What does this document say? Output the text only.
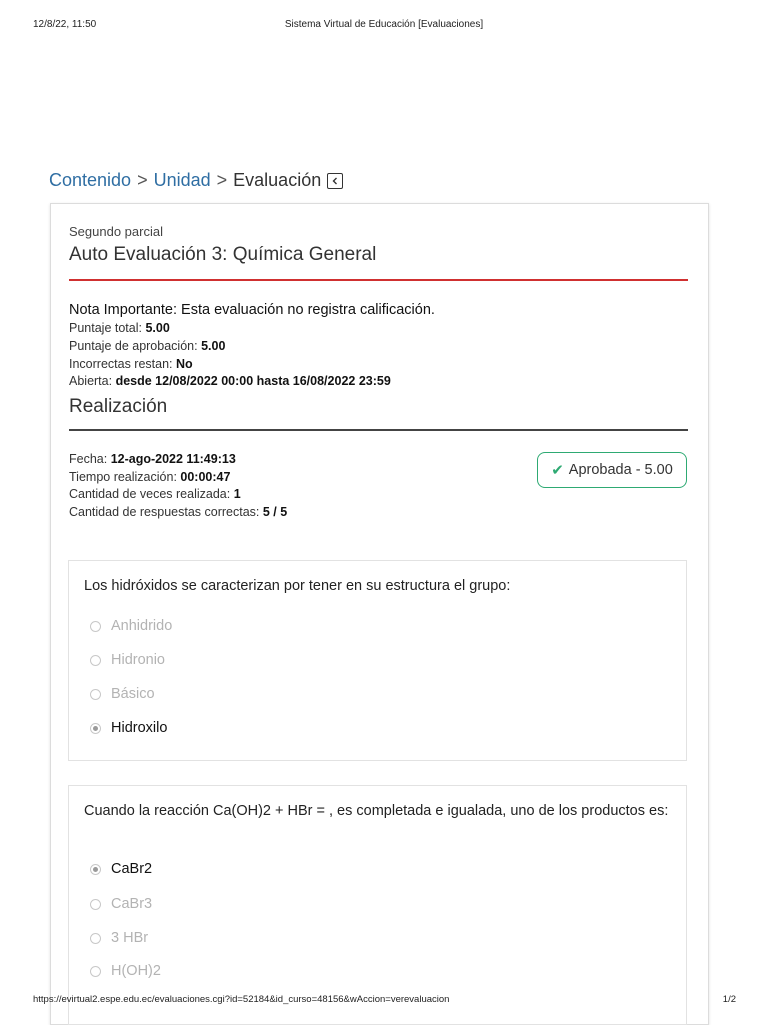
12/8/22, 11:50	Sistema Virtual de Educación [Evaluaciones]
Contenido > Unidad > Evaluación
Segundo parcial
Auto Evaluación 3: Química General
Nota Importante: Esta evaluación no registra calificación.
Puntaje total: 5.00
Puntaje de aprobación: 5.00
Incorrectas restan: No
Abierta: desde 12/08/2022 00:00 hasta 16/08/2022 23:59
Realización
Fecha: 12-ago-2022 11:49:13
Tiempo realización: 00:00:47
Cantidad de veces realizada: 1
Cantidad de respuestas correctas: 5 / 5
✔ Aprobada - 5.00
Los hidróxidos se caracterizan por tener en su estructura el grupo:
Anhidrido
Hidronio
Básico
Hidroxilo
Cuando la reacción Ca(OH)2 + HBr = , es completada e igualada, uno de los productos es:
CaBr2
CaBr3
3 HBr
H(OH)2
https://evirtual2.espe.edu.ec/evaluaciones.cgi?id=52184&id_curso=48156&wAccion=verevaluacion	1/2
